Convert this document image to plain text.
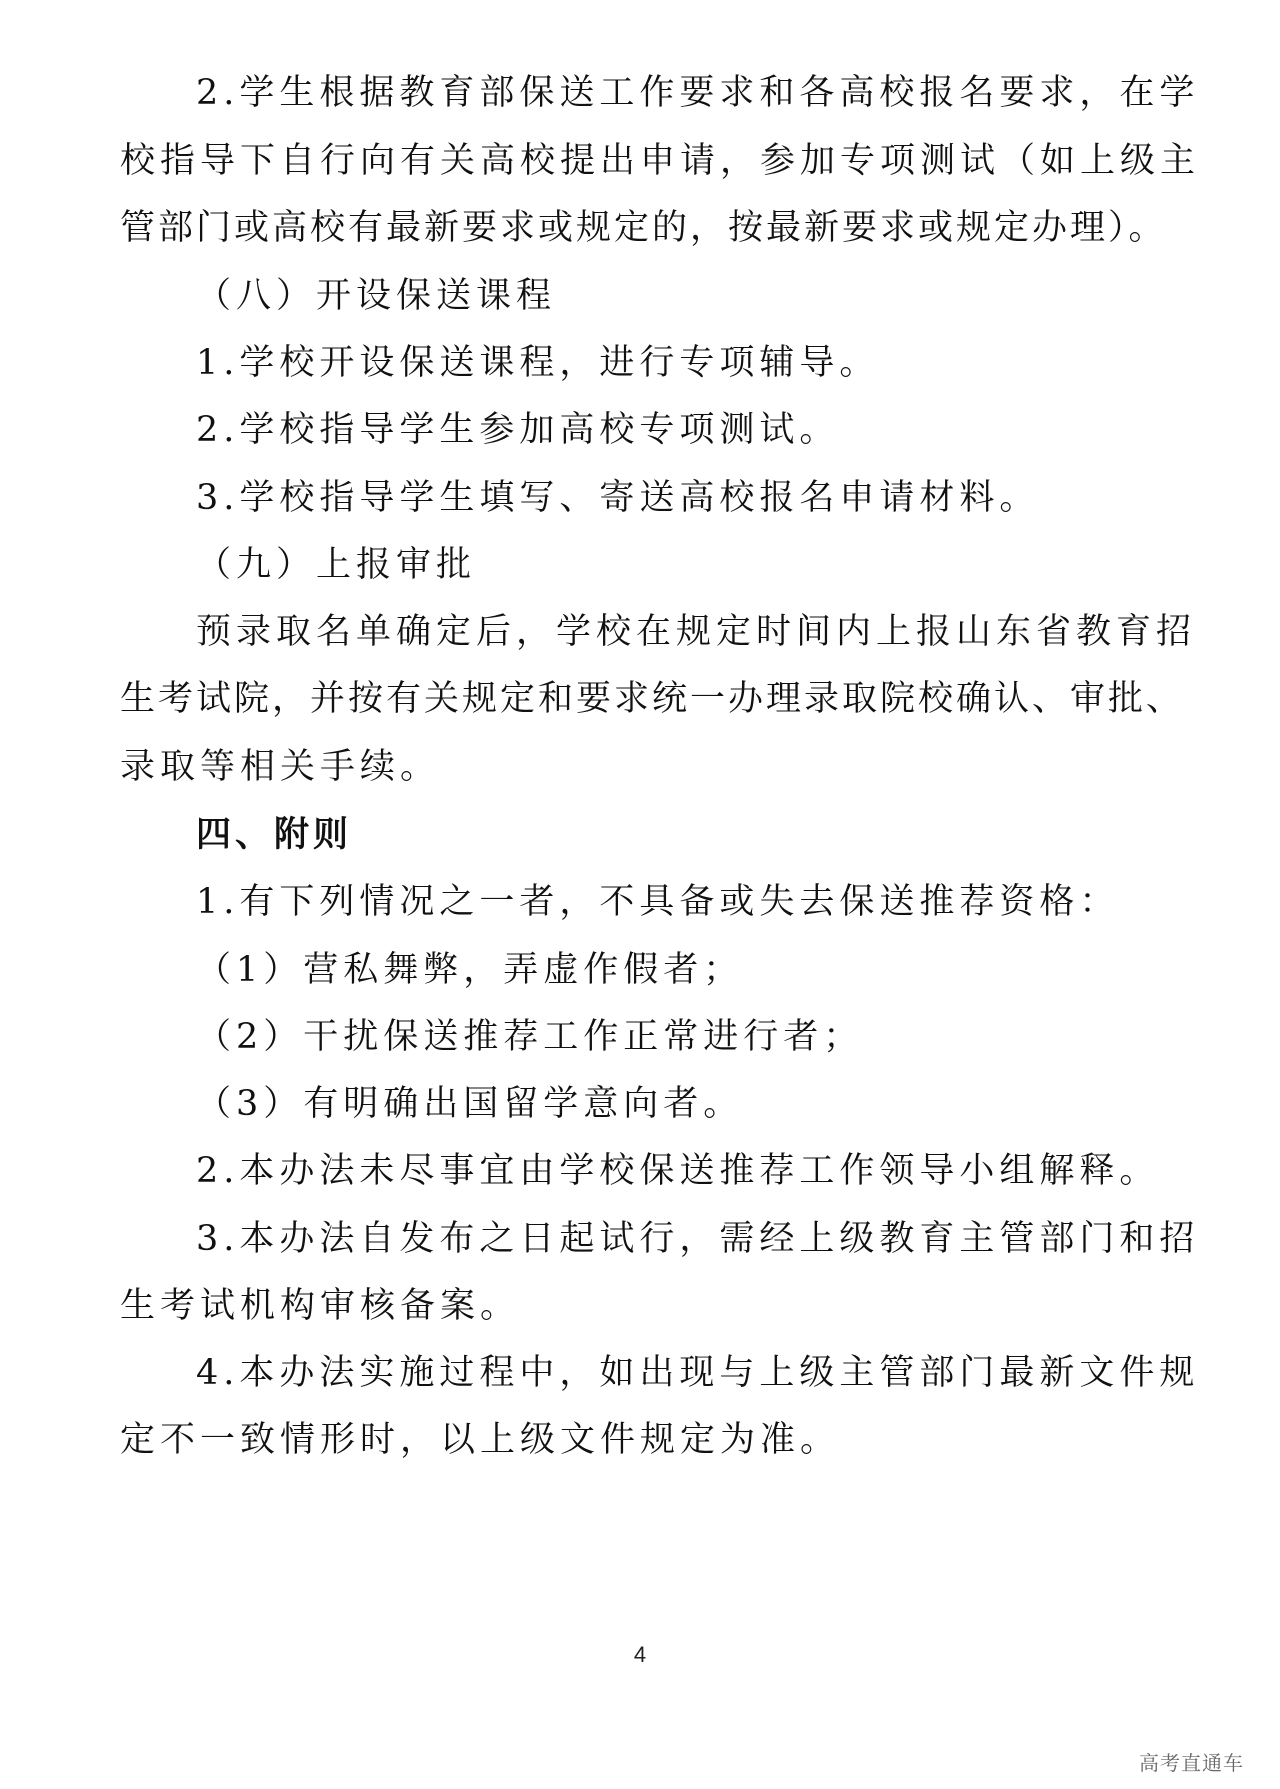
2.学生根据教育部保送工作要求和各高校报名要求，在学
校指导下自行向有关高校提出申请，参加专项测试（如上级主
管部门或高校有最新要求或规定的，按最新要求或规定办理）。
（八）开设保送课程
1.学校开设保送课程，进行专项辅导。
2.学校指导学生参加高校专项测试。
3.学校指导学生填写、寄送高校报名申请材料。
（九）上报审批
预录取名单确定后，学校在规定时间内上报山东省教育招
生考试院，并按有关规定和要求统一办理录取院校确认、审批、
录取等相关手续。
四、附则
1.有下列情况之一者，不具备或失去保送推荐资格：
（1）营私舞弊，弄虚作假者；
（2）干扰保送推荐工作正常进行者；
（3）有明确出国留学意向者。
2.本办法未尽事宜由学校保送推荐工作领导小组解释。
3.本办法自发布之日起试行，需经上级教育主管部门和招
生考试机构审核备案。
4.本办法实施过程中，如出现与上级主管部门最新文件规
定不一致情形时，以上级文件规定为准。
4
高考直通车
